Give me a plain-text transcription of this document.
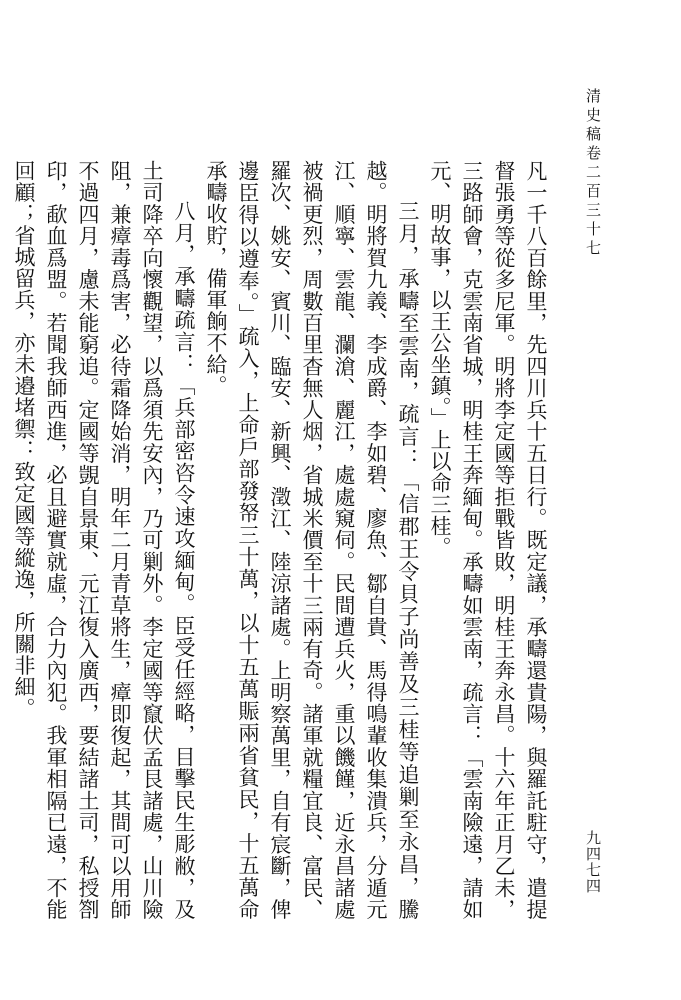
清史稿卷二百三十七
九四七四

凡一千八百餘里，先四川兵十五日行。既定議，承疇還貴陽，與羅託駐守，遣提督張勇等從多尼軍。明將李定國等拒戰皆敗，明桂王奔永昌。十六年正月乙未，三路師會，克雲南省城，明桂王奔緬甸。承疇如雲南，疏言：「雲南險遠，請如元、明故事，以王公坐鎮。」上以命三桂。

三月，承疇至雲南，疏言：「信郡王令貝子尚善及三桂等追剿至永昌，騰越。明將賀九義、李成爵、李如碧、廖魚、鄒自貴、馬得鳴輩收集潰兵，分遁元江、順寧、雲龍、瀾滄、麗江，處處窺伺。民間遭兵火，重以饑饉，近永昌諸處被禍更烈，周數百里杳無人烟，省城米價至十三兩有奇。諸軍就糧宜良、富民、羅次、姚安、賓川、臨安、新興、澂江、陸涼諸處。上明察萬里，自有宸斷，俾邊臣得以遵奉。」疏入，上命戶部發帑三十萬，以十五萬賑兩省貧民，十五萬命承疇收貯，備軍餉不給。

八月，承疇疏言：「兵部密咨令速攻緬甸。臣受任經略，目擊民生彫敝，及土司降卒向懷觀望，以爲須先安內，乃可剿外。李定國等竄伏孟艮諸處，山川險阻，兼瘴毒爲害，必待霜降始消，明年二月青草將生，瘴即復起，其間可以用師不過四月，慮未能窮追。定國等覬自景東、元江復入廣西，要結諸土司，私授劄印，歃血爲盟。若聞我師西進，必且避實就虛，合力內犯。我軍相隔已遠，不能回顧；省城留兵，亦未邉堵禦：致定國等縱逸，所關非細。
